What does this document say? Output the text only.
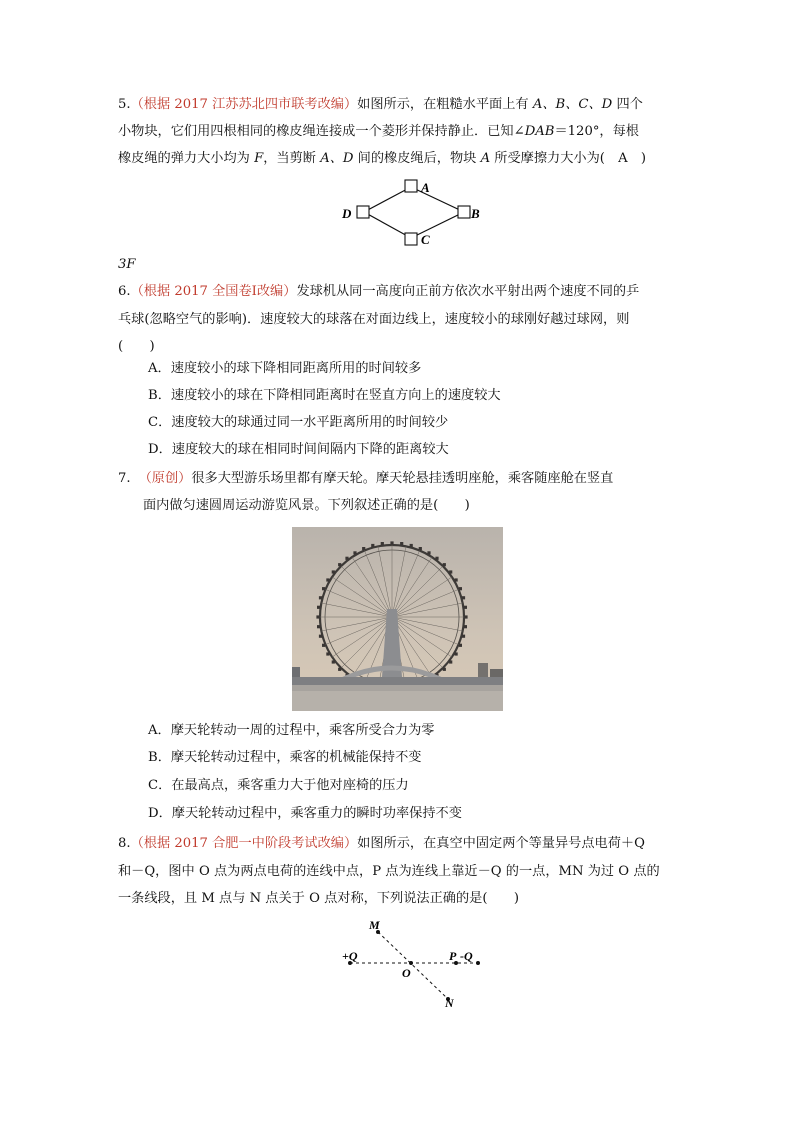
5.（根据 2017 江苏苏北四市联考改编）如图所示，在粗糙水平面上有 A、B、C、D 四个
小物块，它们用四根相同的橡皮绳连接成一个菱形并保持静止．已知∠DAB＝120°，每根
橡皮绳的弹力大小均为 F，当剪断 A、D 间的橡皮绳后，物块 A 所受摩擦力大小为(　A　)
A
B
C
D
3F
6.（根据 2017 全国卷Ⅰ改编）发球机从同一高度向正前方依次水平射出两个速度不同的乒
乓球(忽略空气的影响)．速度较大的球落在对面边线上，速度较小的球刚好越过球网，则
(　　)
A．速度较小的球下降相同距离所用的时间较多
B．速度较小的球在下降相同距离时在竖直方向上的速度较大
C．速度较大的球通过同一水平距离所用的时间较少
D．速度较大的球在相同时间间隔内下降的距离较大
7. （原创）很多大型游乐场里都有摩天轮。摩天轮悬挂透明座舱，乘客随座舱在竖直
面内做匀速圆周运动游览风景。下列叙述正确的是(　　)
A．摩天轮转动一周的过程中，乘客所受合力为零
B．摩天轮转动过程中，乘客的机械能保持不变
C．在最高点，乘客重力大于他对座椅的压力
D．摩天轮转动过程中，乘客重力的瞬时功率保持不变
8.（根据 2017 合肥一中阶段考试改编）如图所示，在真空中固定两个等量异号点电荷＋Q
和－Q，图中 O 点为两点电荷的连线中点，P 点为连线上靠近－Q 的一点，MN 为过 O 点的
一条线段，且 M 点与 N 点关于 O 点对称，下列说法正确的是(　　)
M
+Q
O
P -Q
N
